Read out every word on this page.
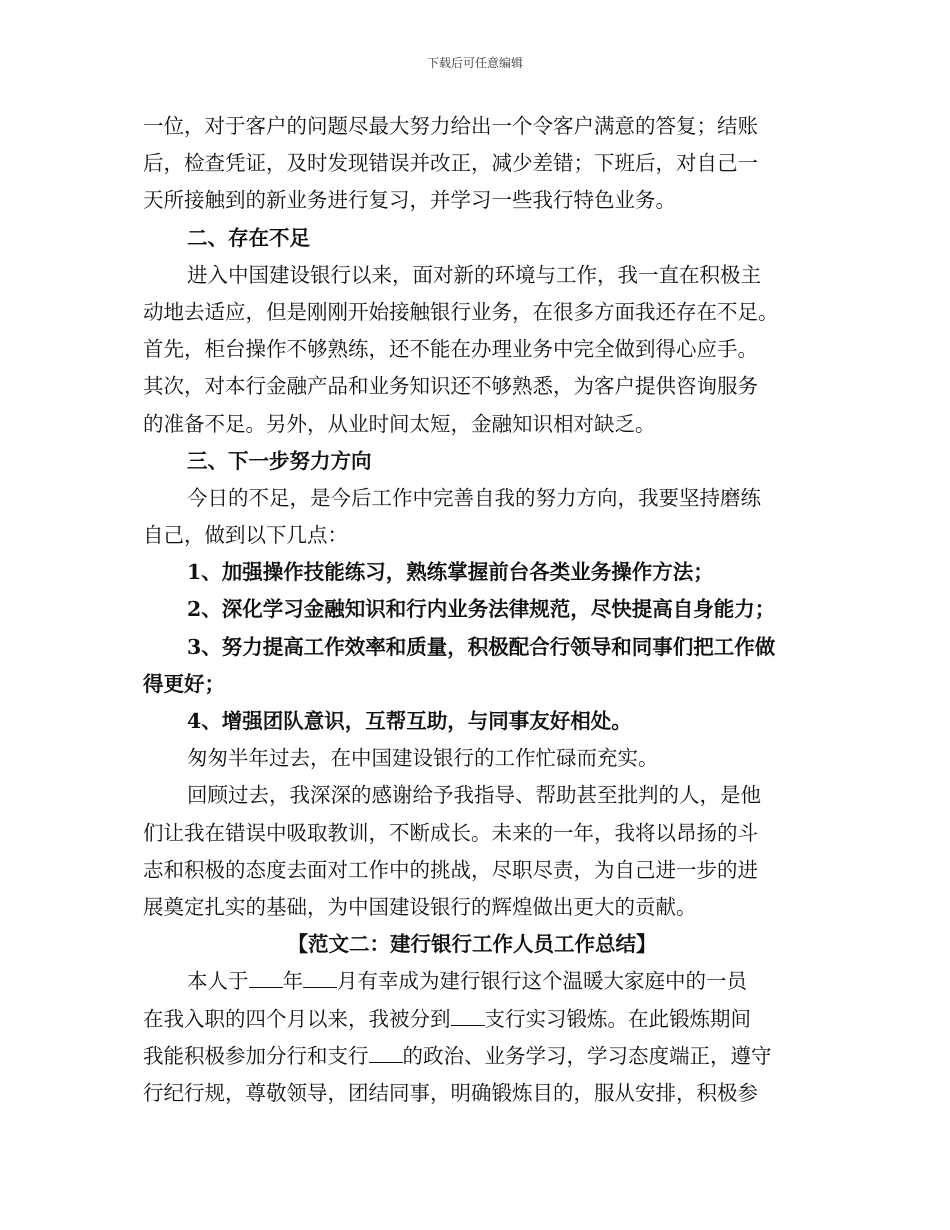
下载后可任意编辑
一位，对于客户的问题尽最大努力给出一个令客户满意的答复；结账
后，检查凭证，及时发现错误并改正，减少差错；下班后，对自己一
天所接触到的新业务进行复习，并学习一些我行特色业务。
二、存在不足
进入中国建设银行以来，面对新的环境与工作，我一直在积极主
动地去适应，但是刚刚开始接触银行业务，在很多方面我还存在不足。
首先，柜台操作不够熟练，还不能在办理业务中完全做到得心应手。
其次，对本行金融产品和业务知识还不够熟悉，为客户提供咨询服务
的准备不足。另外，从业时间太短，金融知识相对缺乏。
三、下一步努力方向
今日的不足，是今后工作中完善自我的努力方向，我要坚持磨练
自己，做到以下几点：
1、加强操作技能练习，熟练掌握前台各类业务操作方法；
2、深化学习金融知识和行内业务法律规范，尽快提高自身能力；
3、努力提高工作效率和质量，积极配合行领导和同事们把工作做
得更好；
4、增强团队意识，互帮互助，与同事友好相处。
匆匆半年过去，在中国建设银行的工作忙碌而充实。
回顾过去，我深深的感谢给予我指导、帮助甚至批判的人，是他
们让我在错误中吸取教训，不断成长。未来的一年，我将以昂扬的斗
志和积极的态度去面对工作中的挑战，尽职尽责，为自己进一步的进
展奠定扎实的基础，为中国建设银行的辉煌做出更大的贡献。
【范文二：建行银行工作人员工作总结】
本人于 年 月有幸成为建行银行这个温暖大家庭中的一员
在我入职的四个月以来，我被分到 支行实习锻炼。在此锻炼期间
我能积极参加分行和支行 的政治、业务学习，学习态度端正，遵守
行纪行规，尊敬领导，团结同事，明确锻炼目的，服从安排，积极参
